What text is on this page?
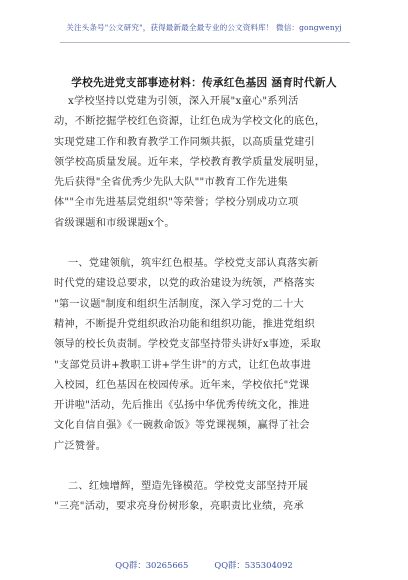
关注头条号"公文研究"，获得最新最全最专业的公文资料库！ 微信：gongwenyj
学校先进党支部事迹材料：传承红色基因 涵育时代新人
x学校坚持以党建为引领，深入开展"x童心"系列活
动，不断挖掘学校红色资源，让红色成为学校文化的底色，
实现党建工作和教育教学工作同频共振，以高质量党建引
领学校高质量发展。近年来，学校教育教学质量发展明显，
先后获得"全省优秀少先队大队""市教育工作先进集
体""全市先进基层党组织"等荣誉；学校分别成功立项
省级课题和市级课题x个。
一、党建领航，筑牢红色根基。学校党支部认真落实新
时代党的建设总要求，以党的政治建设为统领，严格落实
"第一议题"制度和组织生活制度，深入学习党的二十大
精神，不断提升党组织政治功能和组织功能，推进党组织
领导的校长负责制。学校党支部坚持带头讲好x事迹，采取
"支部党员讲+教职工讲+学生讲"的方式，让红色故事进
入校园，红色基因在校园传承。近年来，学校依托"党课
开讲啦"活动，先后推出《弘扬中华优秀传统文化，推进
文化自信自强》《一碗救命饭》等党课视频，赢得了社会
广泛赞誉。
二、红烛增辉，塑造先锋模范。学校党支部坚持开展
"三亮"活动，要求亮身份树形象，亮职责比业绩，亮承
QQ群：30265665	QQ群：535304092
